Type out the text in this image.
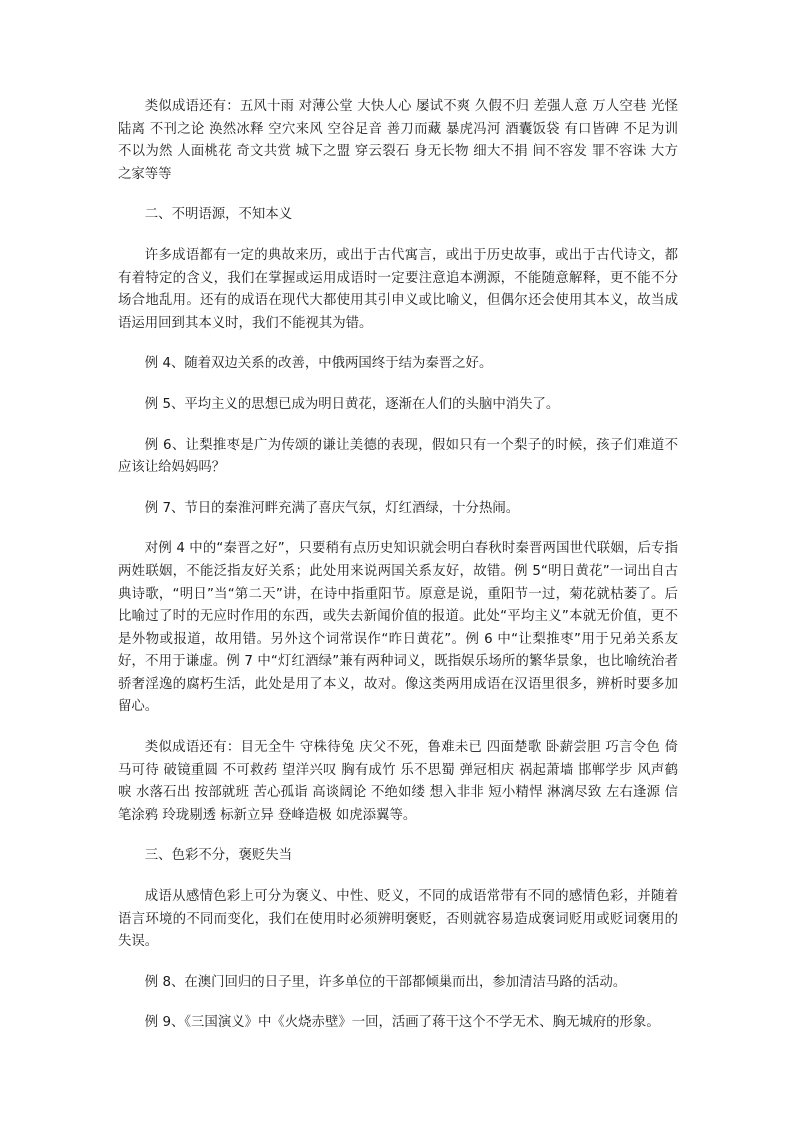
类似成语还有：五风十雨 对薄公堂 大快人心 屡试不爽 久假不归 差强人意 万人空巷 光怪陆离 不刊之论 涣然冰释 空穴来风 空谷足音 善刀而藏 暴虎冯河 酒囊饭袋 有口皆碑 不足为训 不以为然 人面桃花 奇文共赏 城下之盟 穿云裂石 身无长物 细大不捐 间不容发 罪不容诛 大方之家等等

二、不明语源，不知本义

许多成语都有一定的典故来历，或出于古代寓言，或出于历史故事，或出于古代诗文，都有着特定的含义，我们在掌握或运用成语时一定要注意追本溯源，不能随意解释，更不能不分场合地乱用。还有的成语在现代大都使用其引申义或比喻义，但偶尔还会使用其本义，故当成语运用回到其本义时，我们不能视其为错。

例 4、随着双边关系的改善，中俄两国终于结为秦晋之好。

例 5、平均主义的思想已成为明日黄花，逐渐在人们的头脑中消失了。

例 6、让梨推枣是广为传颂的谦让美德的表现，假如只有一个梨子的时候，孩子们难道不应该让给妈妈吗？

例 7、节日的秦淮河畔充满了喜庆气氛，灯红酒绿，十分热闹。

对例 4 中的“秦晋之好”，只要稍有点历史知识就会明白春秋时秦晋两国世代联姻，后专指两姓联姻，不能泛指友好关系；此处用来说两国关系友好，故错。例 5“明日黄花”一词出自古典诗歌，“明日”当“第二天”讲，在诗中指重阳节。原意是说，重阳节一过，菊花就枯萎了。后比喻过了时的无应时作用的东西，或失去新闻价值的报道。此处“平均主义”本就无价值，更不是外物或报道，故用错。另外这个词常误作“昨日黄花”。例 6 中“让梨推枣”用于兄弟关系友好，不用于谦虚。例 7 中“灯红酒绿”兼有两种词义，既指娱乐场所的繁华景象，也比喻统治者骄奢淫逸的腐朽生活，此处是用了本义，故对。像这类两用成语在汉语里很多，辨析时要多加留心。

类似成语还有：目无全牛 守株待兔 庆父不死，鲁难未已 四面楚歌 卧薪尝胆 巧言令色 倚马可待 破镜重圆 不可救药 望洋兴叹 胸有成竹 乐不思蜀 弹冠相庆 祸起萧墙 邯郸学步 风声鹤唳 水落石出 按部就班 苦心孤诣 高谈阔论 不绝如缕 想入非非 短小精悍 淋漓尽致 左右逢源 信笔涂鸦 玲珑剔透 标新立异 登峰造极 如虎添翼等。

三、色彩不分，褒贬失当

成语从感情色彩上可分为褒义、中性、贬义，不同的成语常带有不同的感情色彩，并随着语言环境的不同而变化，我们在使用时必须辨明褒贬，否则就容易造成褒词贬用或贬词褒用的失误。

例 8、在澳门回归的日子里，许多单位的干部都倾巢而出，参加清洁马路的活动。

例 9、《三国演义》中《火烧赤壁》一回，活画了蒋干这个不学无术、胸无城府的形象。
